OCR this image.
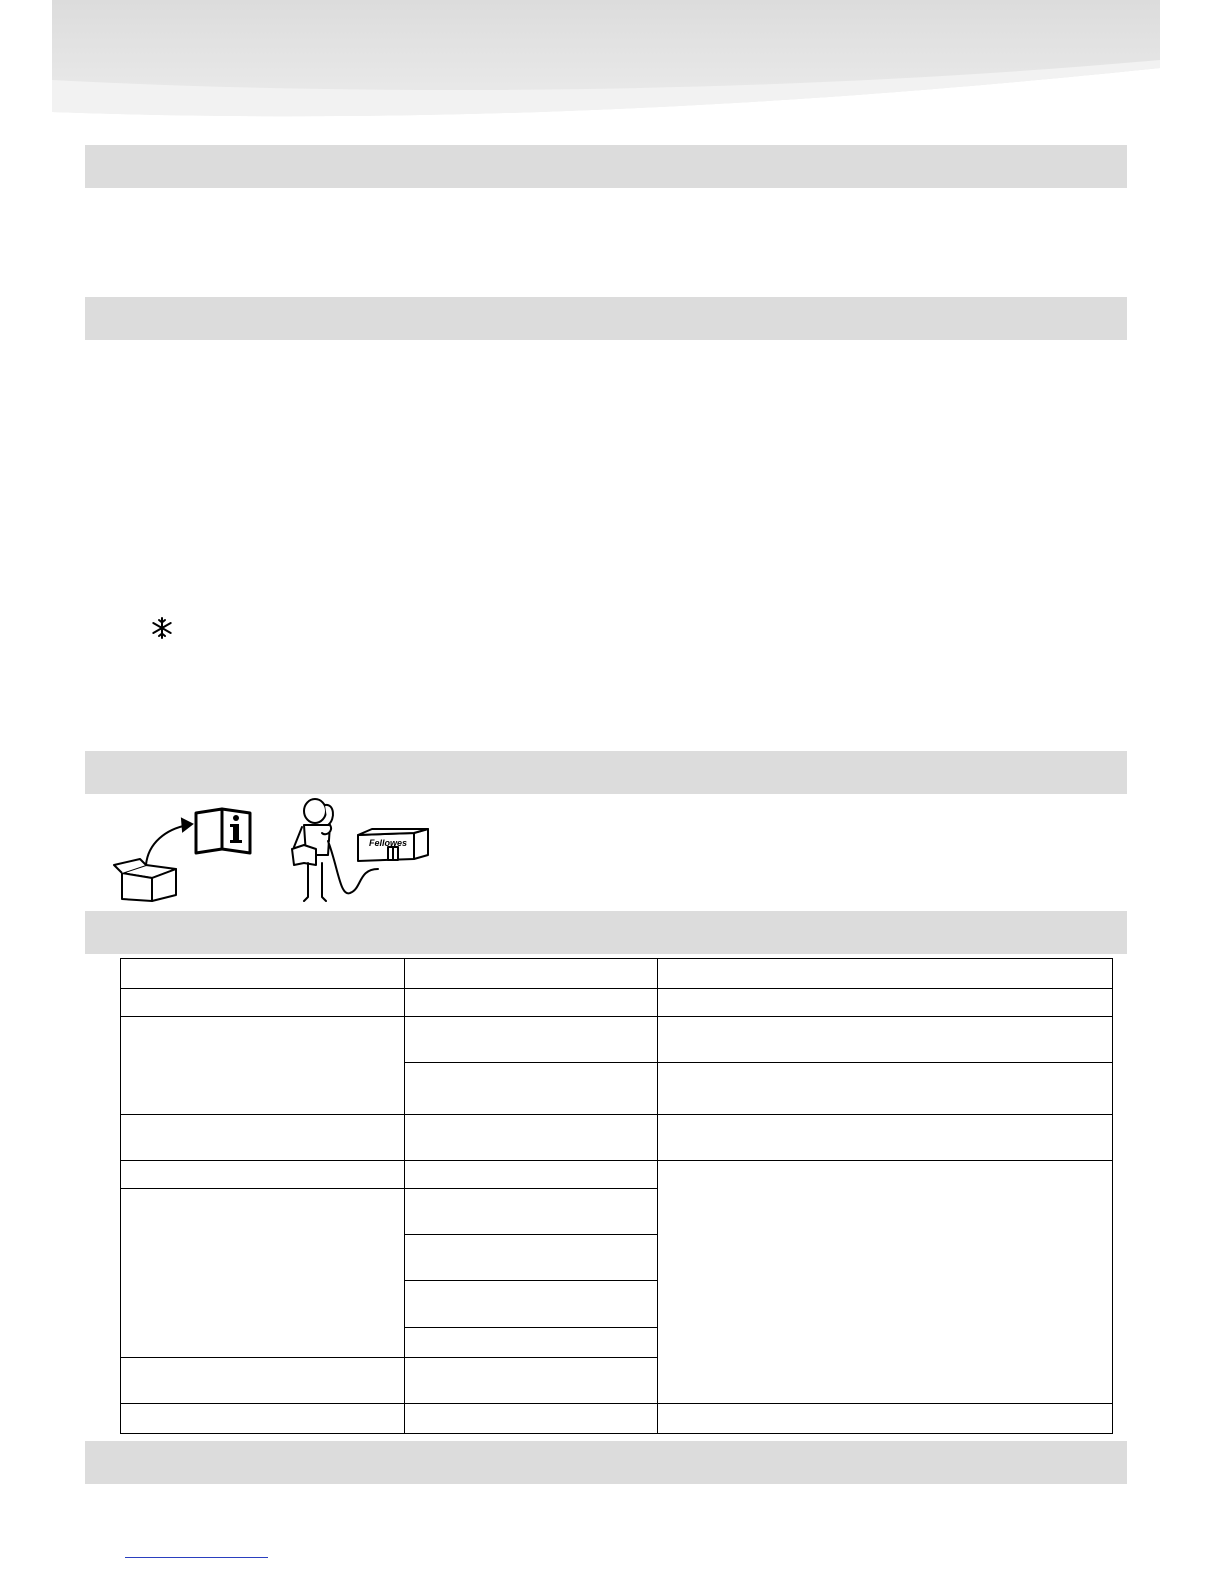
Fellowes
